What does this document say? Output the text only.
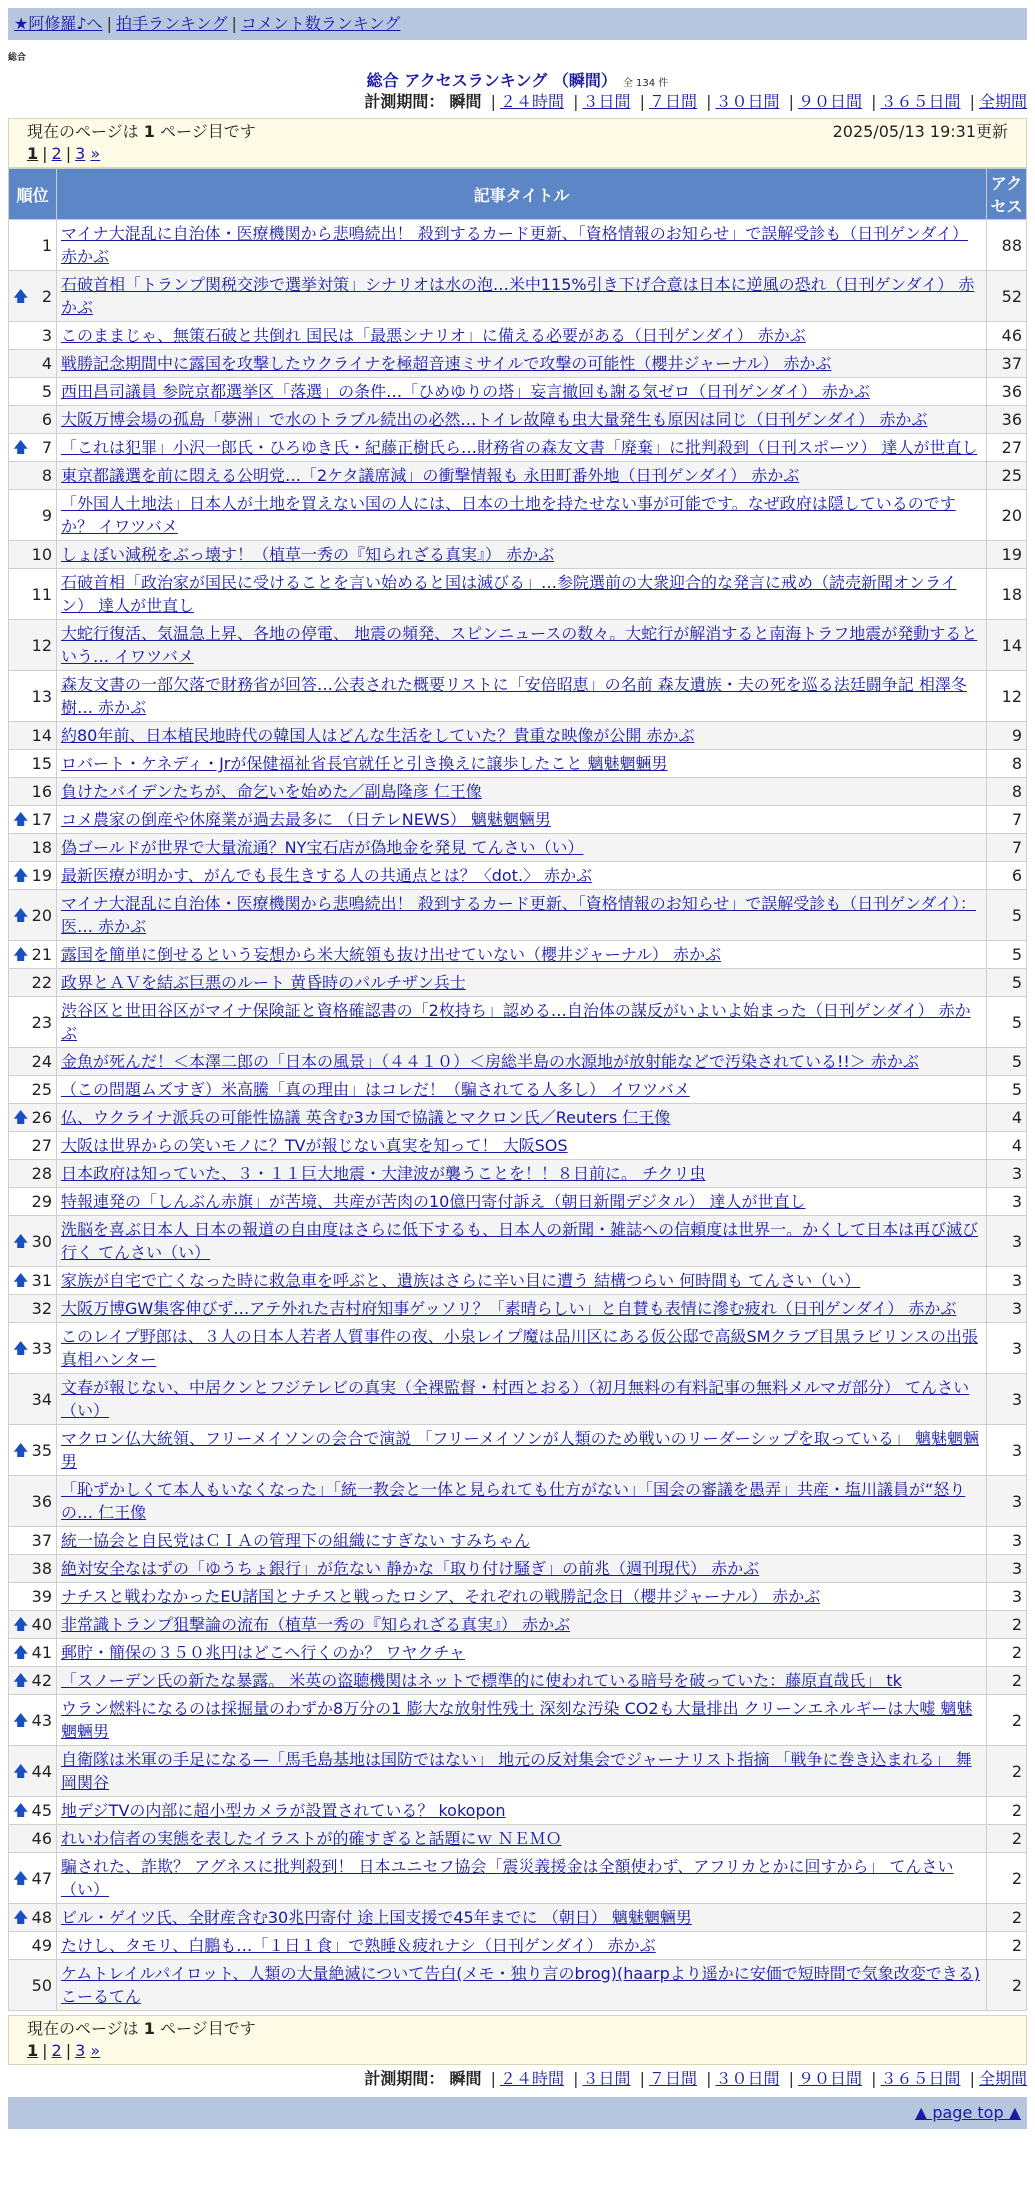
★阿修羅♪へ | 拍手ランキング | コメント数ランキング
総合
総合 アクセスランキング （瞬間） 全 134 件
計測期間： 瞬間 | ２４時間 | ３日間 | ７日間 | ３０日間 | ９０日間 | ３６５日間 | 全期間
現在のページは 1 ページ目です	2025/05/13 19:31更新
1 | 2 | 3 »
順位	記事タイトル	アクセス
1	マイナ大混乱に自治体・医療機関から悲鳴続出！ 殺到するカード更新、「資格情報のお知らせ」で誤解受診も（日刊ゲンダイ） 赤かぶ	88

🡅 2	石破首相「トランプ関税交渉で選挙対策」シナリオは水の泡…米中115%引き下げ合意は日本に逆風の恐れ（日刊ゲンダイ） 赤かぶ	52
3	このままじゃ、無策石破と共倒れ 国民は「最悪シナリオ」に備える必要がある（日刊ゲンダイ） 赤かぶ	46
4	戦勝記念期間中に露国を攻撃したウクライナを極超音速ミサイルで攻撃の可能性（櫻井ジャーナル） 赤かぶ	37
5	西田昌司議員 参院京都選挙区「落選」の条件…「ひめゆりの塔」妄言撤回も謝る気ゼロ（日刊ゲンダイ） 赤かぶ	36
6	大阪万博会場の孤島「夢洲」で水のトラブル続出の必然…トイレ故障も虫大量発生も原因は同じ（日刊ゲンダイ） 赤かぶ	36

🡅 7	「これは犯罪」小沢一郎氏・ひろゆき氏・紀藤正樹氏ら…財務省の森友文書「廃棄」に批判殺到（日刊スポーツ） 達人が世直し	27
8	東京都議選を前に悶える公明党…「2ケタ議席減」の衝撃情報も 永田町番外地（日刊ゲンダイ） 赤かぶ	25
9	「外国人土地法」日本人が土地を買えない国の人には、日本の土地を持たせない事が可能です。なぜ政府は隠しているのですか？ イワツバメ	20
10	しょぼい減税をぶっ壊す！（植草一秀の『知られざる真実』） 赤かぶ	19
11	石破首相「政治家が国民に受けることを言い始めると国は滅びる」…参院選前の大衆迎合的な発言に戒め（読売新聞オンライン） 達人が世直し	18
12	大蛇行復活、気温急上昇、各地の停電、 地震の頻発、スピンニュースの数々。大蛇行が解消すると南海トラフ地震が発動するという… イワツバメ	14
13	森友文書の一部欠落で財務省が回答…公表された概要リストに「安倍昭恵」の名前 森友遺族・夫の死を巡る法廷闘争記 相澤冬樹… 赤かぶ	12
14	約80年前、日本植民地時代の韓国人はどんな生活をしていた？貴重な映像が公開 赤かぶ	9
15	ロバート・ケネディ・Jrが保健福祉省長官就任と引き換えに譲歩したこと 魑魅魍魎男	8
16	負けたバイデンたちが、命乞いを始めた／副島隆彦 仁王像	8

🡅 17	コメ農家の倒産や休廃業が過去最多に （日テレNEWS） 魑魅魍魎男	7
18	偽ゴールドが世界で大量流通？NY宝石店が偽地金を発見 てんさい（い）	7

🡅 19	最新医療が明かす、がんでも長生きする人の共通点とは？〈dot.〉 赤かぶ	6

🡅 20	マイナ大混乱に自治体・医療機関から悲鳴続出！ 殺到するカード更新、「資格情報のお知らせ」で誤解受診も（日刊ゲンダイ）：医… 赤かぶ	5

🡅 21	露国を簡単に倒せるという妄想から米大統領も抜け出せていない（櫻井ジャーナル） 赤かぶ	5
22	政界とＡＶを結ぶ巨悪のルート 黄昏時のパルチザン兵士	5
23	渋谷区と世田谷区がマイナ保険証と資格確認書の「2枚持ち」認める…自治体の謀反がいよいよ始まった（日刊ゲンダイ） 赤かぶ	5
24	金魚が死んだ！＜本澤二郎の「日本の風景」（４４１０）＜房総半島の水源地が放射能などで汚染されている!!＞ 赤かぶ	5
25	（この問題ムズすぎ）米高騰「真の理由」はコレだ！（騙されてる人多し） イワツバメ	5

🡅 26	仏、ウクライナ派兵の可能性協議 英含む3カ国で協議とマクロン氏／Reuters 仁王像	4
27	大阪は世界からの笑いモノに？TVが報じない真実を知って！ 大阪SOS	4
28	日本政府は知っていた、３・１１巨大地震・大津波が襲うことを！！８日前に。 チクリ虫	3
29	特報連発の「しんぶん赤旗」が苦境、共産が苦肉の10億円寄付訴え（朝日新聞デジタル） 達人が世直し	3

🡅 30	洗脳を喜ぶ日本人 日本の報道の自由度はさらに低下するも、日本人の新聞・雑誌への信頼度は世界一。かくして日本は再び滅び行く てんさい（い）	3

🡅 31	家族が自宅で亡くなった時に救急車を呼ぶと、遺族はさらに辛い目に遭う 結構つらい 何時間も てんさい（い）	3
32	大阪万博GW集客伸びず…アテ外れた吉村府知事ゲッソリ？「素晴らしい」と自賛も表情に滲む疲れ（日刊ゲンダイ） 赤かぶ	3

🡅 33	このレイプ野郎は、３人の日本人若者人質事件の夜、小泉レイプ魔は品川区にある仮公邸で高級SMクラブ目黒ラビリンスの出張 真相ハンター	3
34	文春が報じない、中居クンとフジテレビの真実（全裸監督・村西とおる）（初月無料の有料記事の無料メルマガ部分） てんさい（い）	3

🡅 35	マクロン仏大統領、フリーメイソンの会合で演説 「フリーメイソンが人類のため戦いのリーダーシップを取っている」 魑魅魍魎男	3
36	「恥ずかしくて本人もいなくなった」「統一教会と一体と見られても仕方がない」「国会の審議を愚弄」共産・塩川議員が“怒りの… 仁王像	3
37	統一協会と自民党はＣＩＡの管理下の組織にすぎない すみちゃん	3
38	絶対安全なはずの「ゆうちょ銀行」が危ない 静かな「取り付け騒ぎ」の前兆（週刊現代） 赤かぶ	3
39	ナチスと戦わなかったEU諸国とナチスと戦ったロシア、それぞれの戦勝記念日（櫻井ジャーナル） 赤かぶ	3

🡅 40	非常識トランプ狙撃論の流布（植草一秀の『知られざる真実』） 赤かぶ	2

🡅 41	郵貯・簡保の３５０兆円はどこへ行くのか？ ワヤクチャ	2

🡅 42	「スノーデン氏の新たな暴露。 米英の盗聴機関はネットで標準的に使われている暗号を破っていた：藤原直哉氏」 tk	2

🡅 43	ウラン燃料になるのは採掘量のわずか8万分の1 膨大な放射性残土 深刻な汚染 CO2も大量排出 クリーンエネルギーは大嘘 魑魅魍魎男	2

🡅 44	自衛隊は米軍の手足になる—「馬毛島基地は国防ではない」 地元の反対集会でジャーナリスト指摘 「戦争に巻き込まれる」 舞岡関谷	2

🡅 45	地デジTVの内部に超小型カメラが設置されている？ kokopon	2
46	れいわ信者の実態を表したイラストが的確すぎると話題にｗ ＮＥＭＯ	2

🡅 47	騙された、詐欺？ アグネスに批判殺到！ 日本ユニセフ協会「震災義援金は全額使わず、アフリカとかに回すから」 てんさい（い）	2

🡅 48	ビル・ゲイツ氏、全財産含む30兆円寄付 途上国支援で45年までに （朝日） 魑魅魍魎男	2
49	たけし、タモリ、白鵬も…「１日１食」で熟睡＆疲れナシ（日刊ゲンダイ） 赤かぶ	2
50	ケムトレイルパイロット、人類の大量絶滅について告白(メモ・独り言のbrog)(haarpより遥かに安価で短時間で気象改変できる) こーるてん	2
現在のページは 1 ページ目です
1 | 2 | 3 »
計測期間： 瞬間 | ２４時間 | ３日間 | ７日間 | ３０日間 | ９０日間 | ３６５日間 | 全期間
▲ page top ▲
